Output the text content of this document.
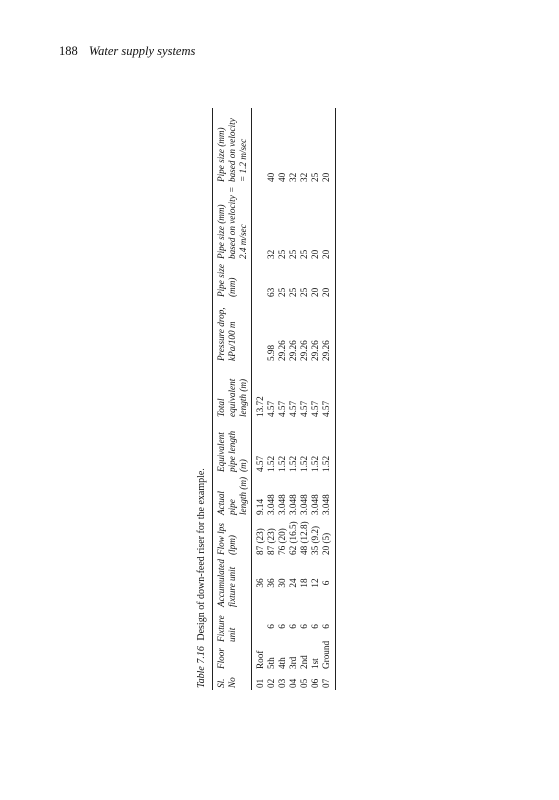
188 Water supply systems
Table 7.16 Design of down-feed riser for the example.
Sl. No	Floor	Fixture unit	Accumulated fixture unit	Flow lps (lpm)	Actual pipe length (m)	Equivalent pipe length (m)	Total equivalent length (m)	Pressure drop, kPa/100 m	Pipe size (mm)	Pipe size (mm) based on velocity = 2.4 m/sec	Pipe size (mm) based on velocity = 1.2 m/sec
01	Roof		36	87 (23)	9.14	4.57	13.72				
02	5th	6	36	87 (23)	3.048	1.52	4.57	5.98	63	32	40
03	4th	6	30	76 (20)	3.048	1.52	4.57	29.26	25	25	40
04	3rd	6	24	62 (16.5)	3.048	1.52	4.57	29.26	25	25	32
05	2nd	6	18	48 (12.8)	3.048	1.52	4.57	29.26	25	25	32
06	1st	6	12	35 (9.2)	3.048	1.52	4.57	29.26	20	20	25
07	Ground	6	6	20 (5)	3.048	1.52	4.57	29.26	20	20	20
